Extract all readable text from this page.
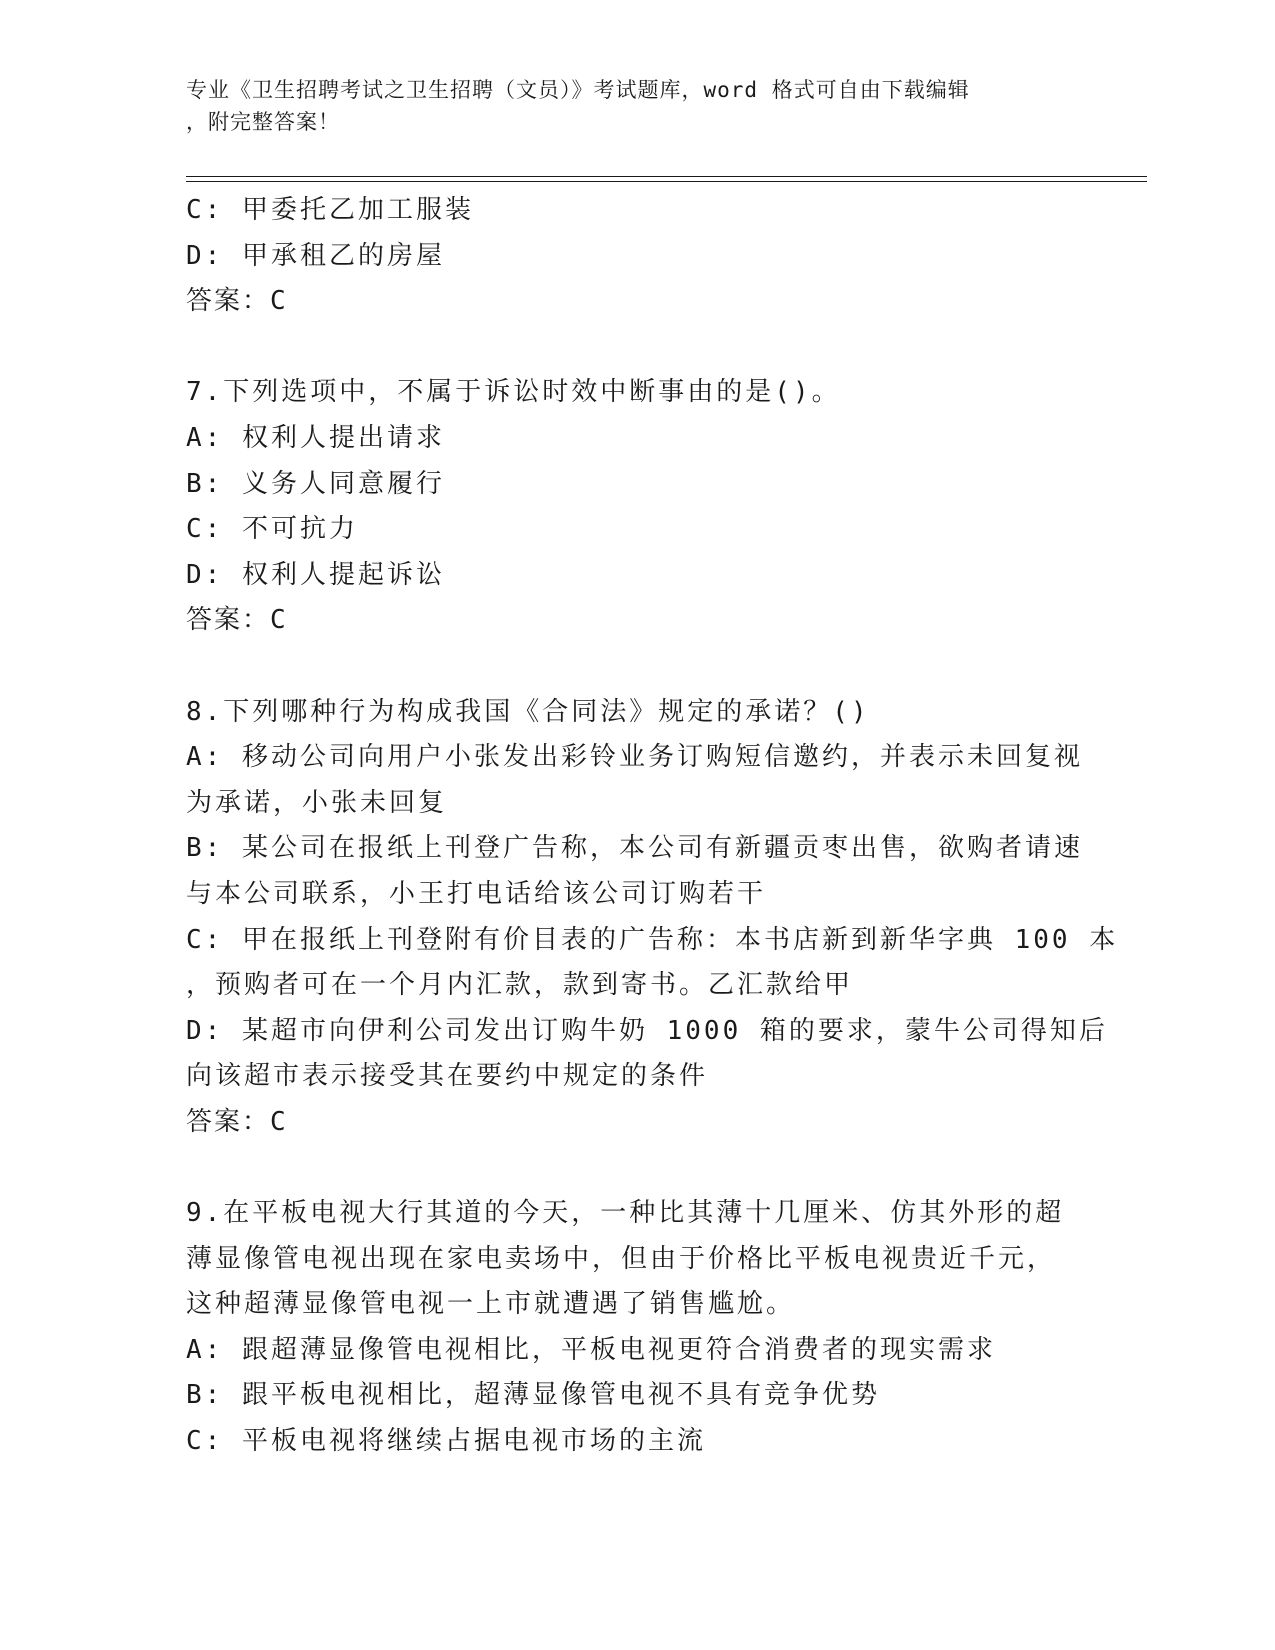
专业《卫生招聘考试之卫生招聘（文员）》考试题库，word 格式可自由下载编辑
，附完整答案！
C: 甲委托乙加工服装
D: 甲承租乙的房屋
答案：C
7.下列选项中，不属于诉讼时效中断事由的是()。
A: 权利人提出请求
B: 义务人同意履行
C: 不可抗力
D: 权利人提起诉讼
答案：C
8.下列哪种行为构成我国《合同法》规定的承诺？()
A: 移动公司向用户小张发出彩铃业务订购短信邀约，并表示未回复视
为承诺，小张未回复
B: 某公司在报纸上刊登广告称，本公司有新疆贡枣出售，欲购者请速
与本公司联系，小王打电话给该公司订购若干
C: 甲在报纸上刊登附有价目表的广告称：本书店新到新华字典 100 本
，预购者可在一个月内汇款，款到寄书。乙汇款给甲
D: 某超市向伊利公司发出订购牛奶 1000 箱的要求，蒙牛公司得知后
向该超市表示接受其在要约中规定的条件
答案：C
9.在平板电视大行其道的今天，一种比其薄十几厘米、仿其外形的超
薄显像管电视出现在家电卖场中，但由于价格比平板电视贵近千元，
这种超薄显像管电视一上市就遭遇了销售尴尬。
A: 跟超薄显像管电视相比，平板电视更符合消费者的现实需求
B: 跟平板电视相比，超薄显像管电视不具有竞争优势
C: 平板电视将继续占据电视市场的主流
